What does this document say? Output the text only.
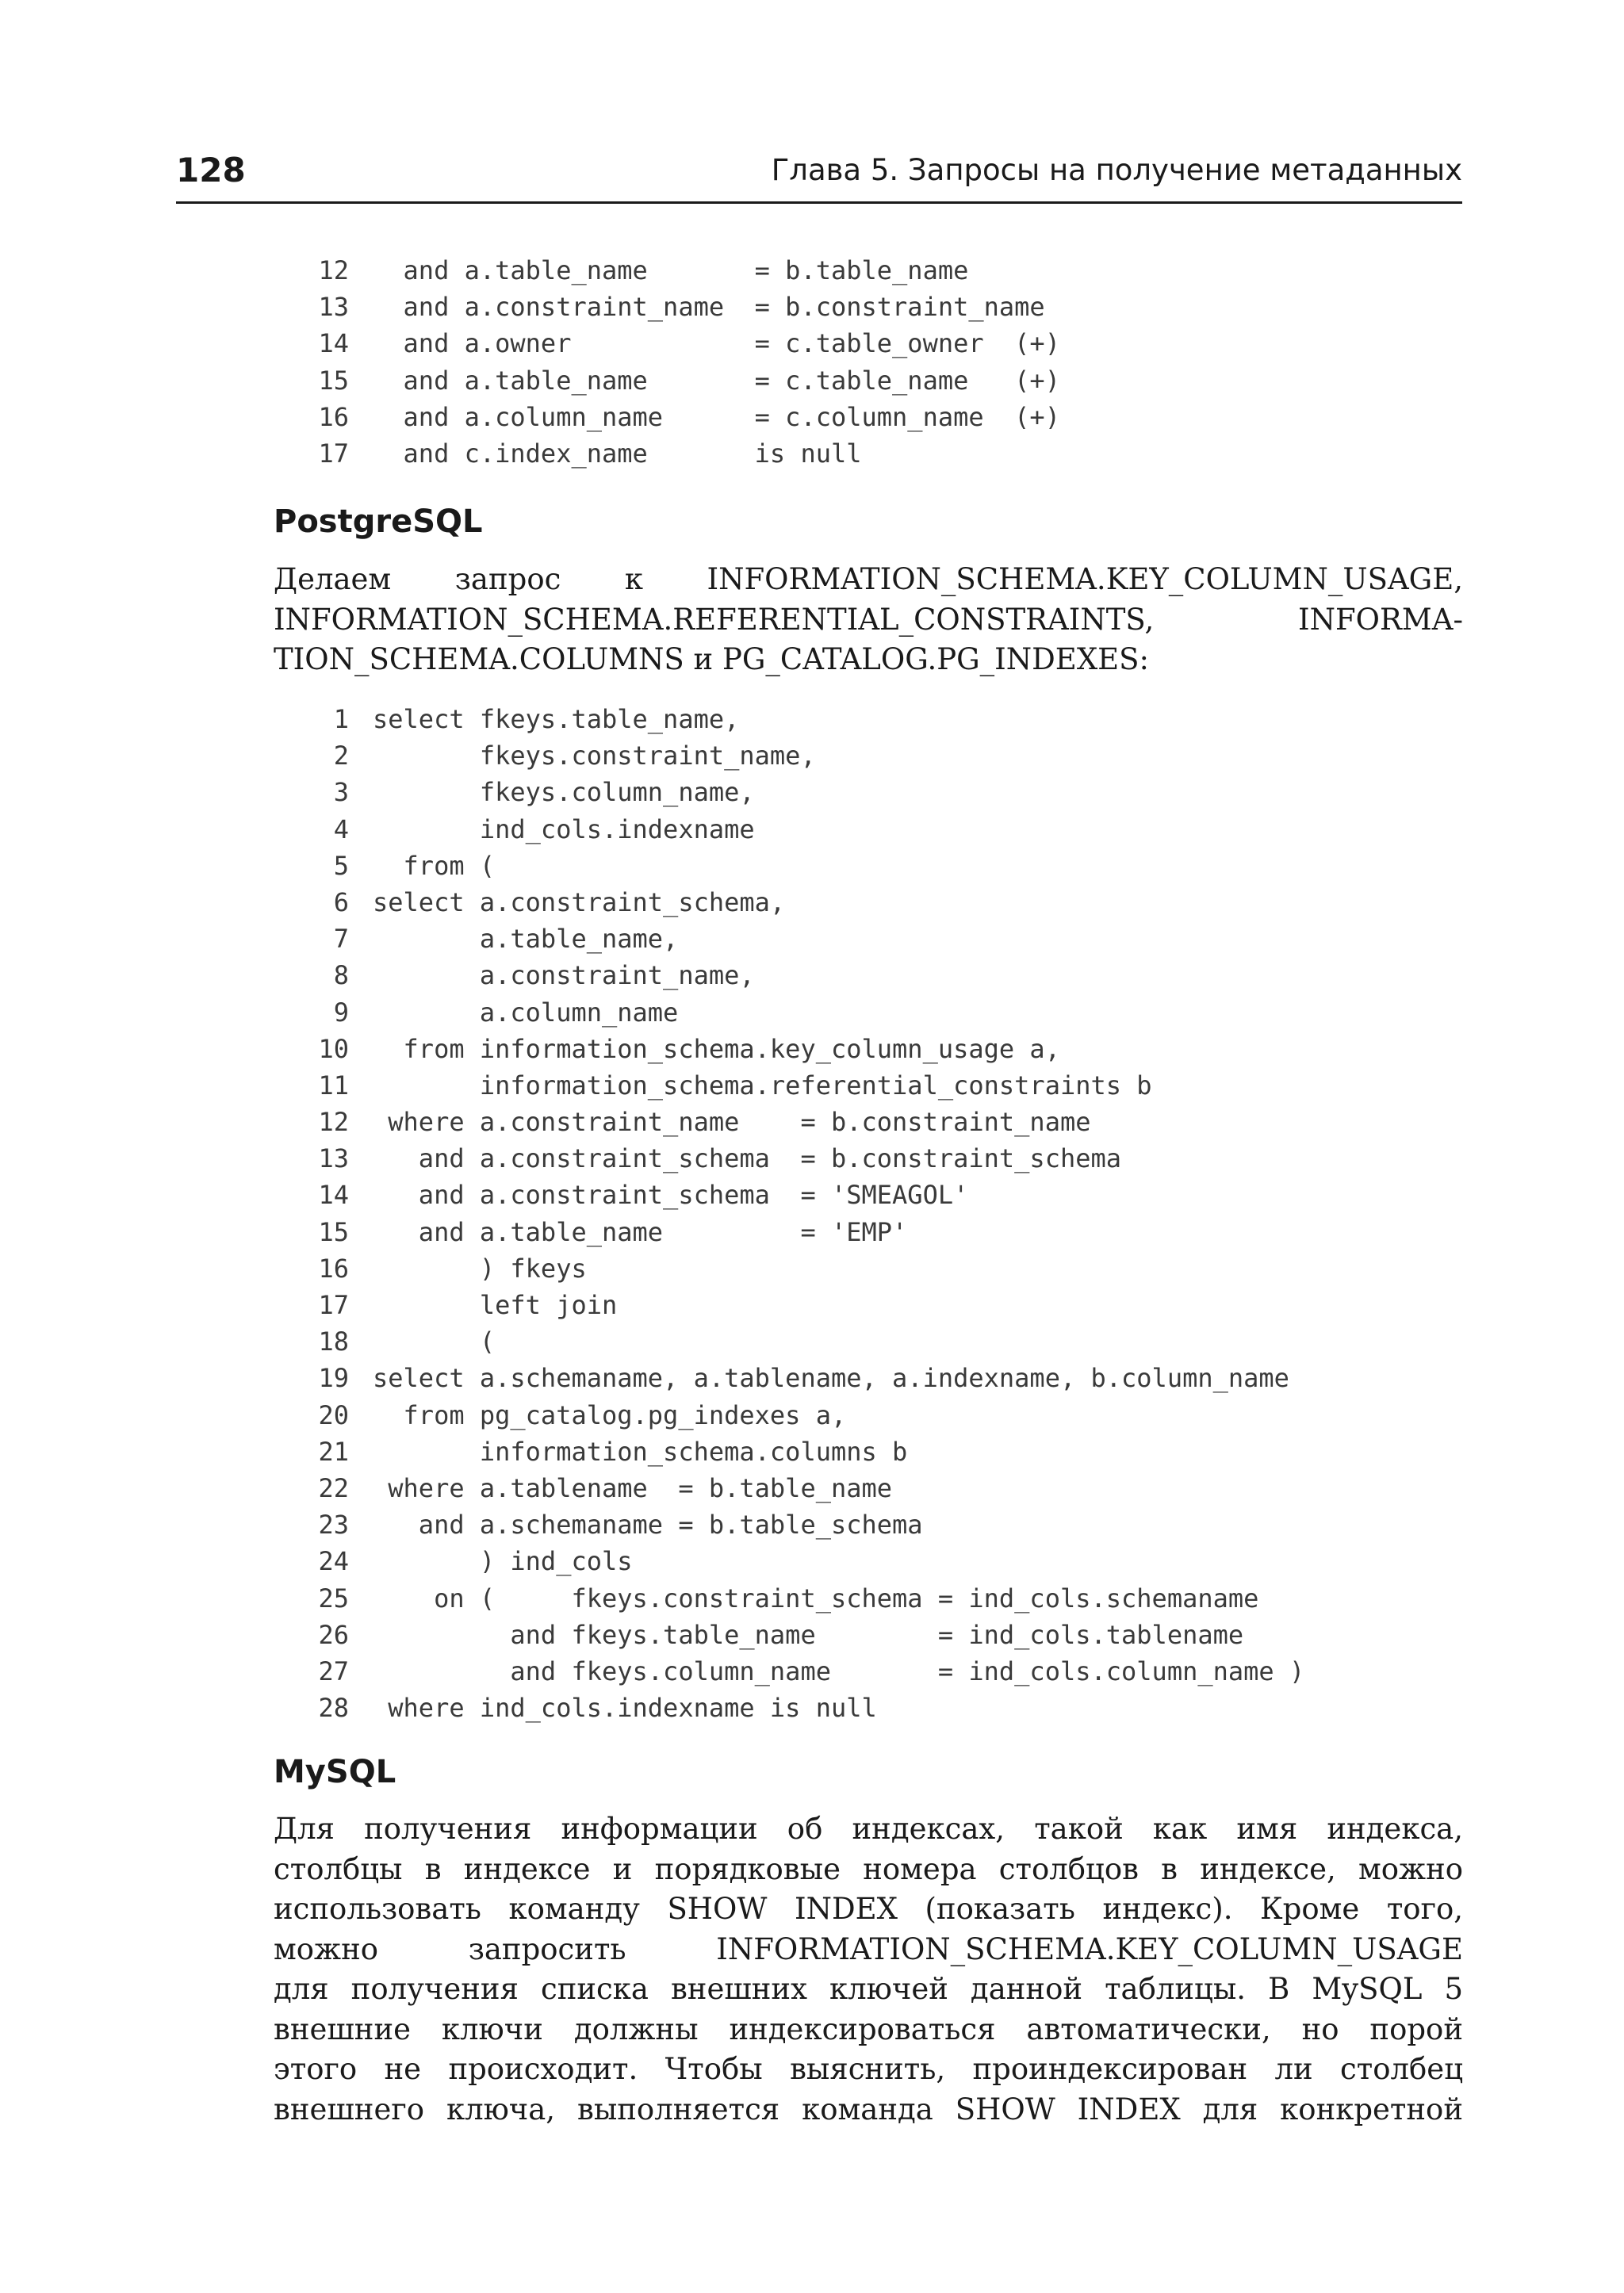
128	Глава 5. Запросы на получение метаданных
12  and a.table_name       = b.table_name
13  and a.constraint_name  = b.constraint_name
14  and a.owner            = c.table_owner  (+)
15  and a.table_name       = c.table_name   (+)
16  and a.column_name      = c.column_name  (+)
17  and c.index_name       is null
PostgreSQL
Делаем запрос к INFORMATION_SCHEMA.KEY_COLUMN_USAGE,
INFORMATION_SCHEMA.REFERENTIAL_CONSTRAINTS, INFORMA-
TION_SCHEMA.COLUMNS и PG_CATALOG.PG_INDEXES:
1 select fkeys.table_name,
2       fkeys.constraint_name,
3       fkeys.column_name,
4       ind_cols.indexname
5  from (
6 select a.constraint_schema,
7       a.table_name,
8       a.constraint_name,
9       a.column_name
10  from information_schema.key_column_usage a,
11       information_schema.referential_constraints b
12 where a.constraint_name    = b.constraint_name
13   and a.constraint_schema  = b.constraint_schema
14   and a.constraint_schema  = 'SMEAGOL'
15   and a.table_name         = 'EMP'
16       ) fkeys
17       left join
18       (
19 select a.schemaname, a.tablename, a.indexname, b.column_name
20  from pg_catalog.pg_indexes a,
21       information_schema.columns b
22 where a.tablename  = b.table_name
23   and a.schemaname = b.table_schema
24       ) ind_cols
25    on (     fkeys.constraint_schema = ind_cols.schemaname
26         and fkeys.table_name        = ind_cols.tablename
27         and fkeys.column_name       = ind_cols.column_name )
28 where ind_cols.indexname is null
MySQL
Для получения информации об индексах, такой как имя индекса,
столбцы в индексе и порядковые номера столбцов в индексе, можно
использовать команду SHOW INDEX (показать индекс). Кроме того,
можно запросить INFORMATION_SCHEMA.KEY_COLUMN_USAGE
для получения списка внешних ключей данной таблицы. В MySQL 5
внешние ключи должны индексироваться автоматически, но порой
этого не происходит. Чтобы выяснить, проиндексирован ли столбец
внешнего ключа, выполняется команда SHOW INDEX для конкретной
